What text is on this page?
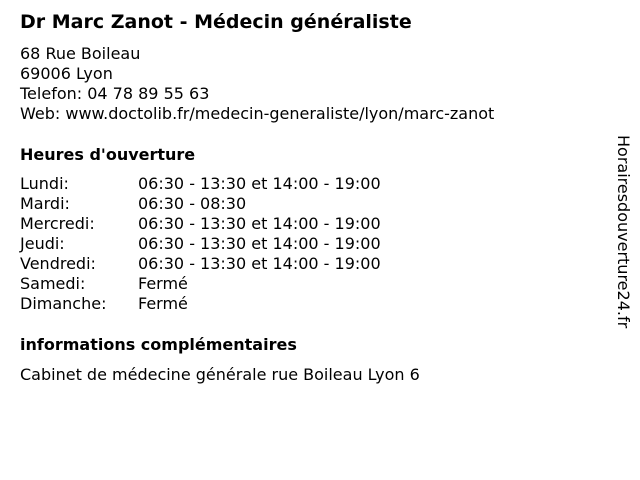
Dr Marc Zanot - Médecin généraliste
68 Rue Boileau
69006 Lyon
Telefon: 04 78 89 55 63
Web: www.doctolib.fr/medecin-generaliste/lyon/marc-zanot
Heures d'ouverture
Lundi:	06:30 - 13:30 et 14:00 - 19:00
Mardi:	06:30 - 08:30
Mercredi:	06:30 - 13:30 et 14:00 - 19:00
Jeudi:	06:30 - 13:30 et 14:00 - 19:00
Vendredi:	06:30 - 13:30 et 14:00 - 19:00
Samedi:	Fermé
Dimanche: Fermé
informations complémentaires
Cabinet de médecine générale rue Boileau Lyon 6
Horairesdouverture24.fr
